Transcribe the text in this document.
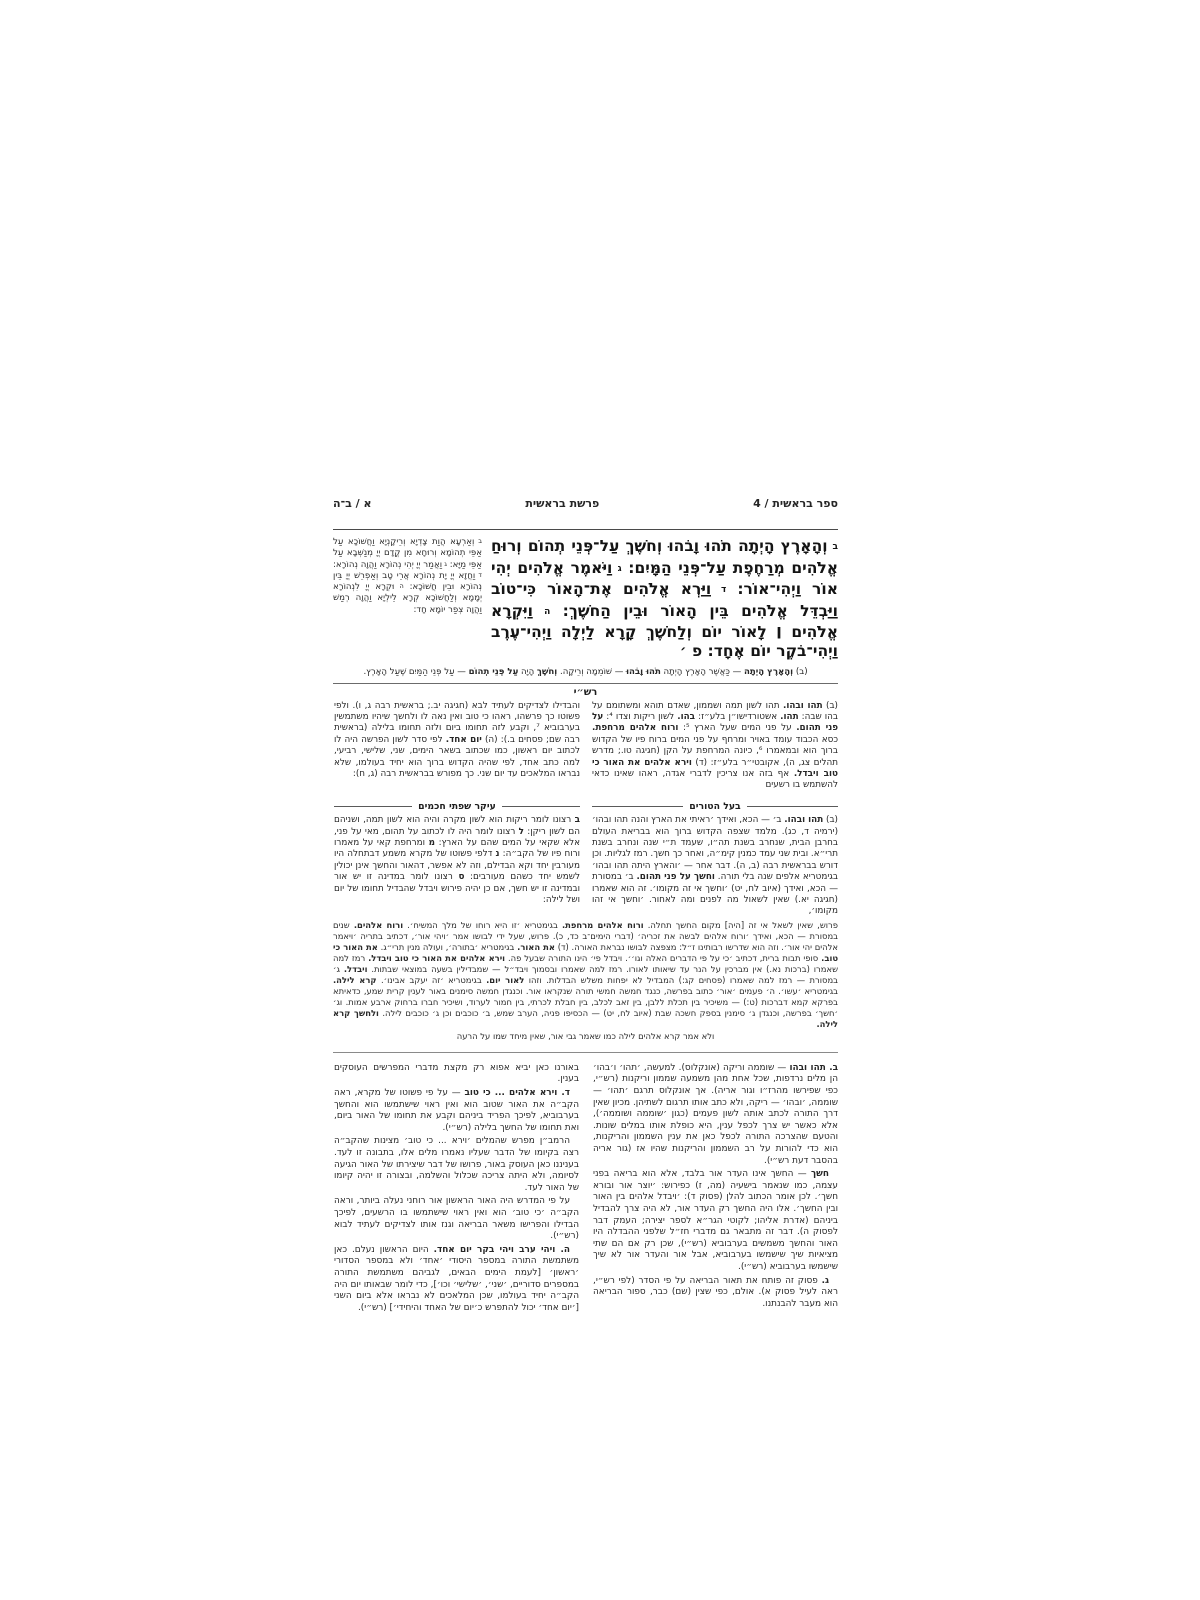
ספר בראשית / 4
פרשת בראשית
א / ב־ה
ב וְהָאָרֶץ הָיְתָה תֹהוּ וָבֹהוּ וְחֹשֶׁךְ עַל־פְּנֵי תְהוֹם וְרוּחַ אֱלֹהִים מְרַחֶפֶת עַל־פְּנֵי הַמָּיִם: ג וַיֹּאמֶר אֱלֹהִים יְהִי אוֹר וַיְהִי־אוֹר: ד וַיַּרְא אֱלֹהִים אֶת־הָאוֹר כִּי־טוֹב וַיַּבְדֵּל אֱלֹהִים בֵּין הָאוֹר וּבֵין הַחֹשֶׁךְ: ה וַיִּקְרָא אֱלֹהִים ׀ לָאוֹר יוֹם וְלַחֹשֶׁךְ קָרָא לַיְלָה וַיְהִי־עֶרֶב וַיְהִי־בֹקֶר יוֹם אֶחָד: פ ׳
ב וְאַרְעָא הֲוַת צָדְיָא וְרֵיקָנְיָא וַחֲשׁוֹכָא עַל אַפֵּי תְהוֹמָא וְרוּחָא מִן קֳדָם יְיָ מְנַשְּׁבָא עַל אַפֵּי מַיָּא: ג וַאֲמַר יְיָ יְהִי נְהוֹרָא וַהֲוָה נְהוֹרָא: ד וַחֲזָא יְיָ יָת נְהוֹרָא אֲרֵי טָב וְאַפְרֵשׁ יְיָ בֵּין נְהוֹרָא וּבֵין חֲשׁוֹכָא: ה וּקְרָא יְיָ לִנְהוֹרָא יְמָמָא וְלַחֲשׁוֹכָא קְרָא לֵילְיָא וַהֲוָה רְמַשׁ וַהֲוָה צְפַר יוֹמָא חָד:
(ב) וְהָאָרֶץ הָיְתָה — כַּאֲשֶׁר הָאָרֶץ הָיְתָה תֹהוּ וָבֹהוּ — שׁוֹמֵמָה וְרֵיקָה. וְחֹשֶׁךְ הָיָה עַל פְּנֵי תְהוֹם — עַל פְּנֵי הַמַּיִם שֶׁעַל הָאָרֶץ.
רש״י
(ב) תהו ובהו. תהו לשון תמה ושממון, שאדם תוהא ומשתומם על בהו שבה: תהו. אשטורדישו״ן בלע״ז: בהו. לשון ריקות וצדו ⁴: על פני תהום. על פני המים שעל הארץ ⁵: ורוח אלהים מרחפת. כסא הכבוד עומד באויר ומרחף על פני המים ברוח פיו של הקדוש ברוך הוא ובמאמרו ⁶, כיונה המרחפת על הקן (חגיגה טו.; מדרש תהלים צג, ה), אקובטי״ר בלע״ז: (ד) וירא אלהים את האור כי טוב ויבדל. אף בזה אנו צריכין לדברי אגדה, ראהו שאינו כדאי להשתמש בו רשעים
והבדילו לצדיקים לעתיד לבא (חגיגה יב.; בראשית רבה ג, ו). ולפי פשוטו כך פרשהו, ראהו כי טוב ואין נאה לו ולחשך שיהיו משתמשין בערבוביא ⁷, וקבע לזה תחומו ביום ולזה תחומו בלילה (בראשית רבה שם; פסחים ב.): (ה) יום אחד. לפי סדר לשון הפרשה היה לו לכתוב יום ראשון, כמו שכתוב בשאר הימים, שני, שלישי, רביעי, למה כתב אחד, לפי שהיה הקדוש ברוך הוא יחיד בעולמו, שלא נבראו המלאכים עד יום שני. כך מפורש בבראשית רבה (ג, ח):
בעל הטורים
(ב) תהו ובהו. ב׳ — הכא, ואידך ׳ראיתי את הארץ והנה תהו ובהו׳ (ירמיה ד, כג). מלמד שצפה הקדוש ברוך הוא בבריאת העולם בחרבן הבית, שנחרב בשנת תה״ו, שעמד ת״י שנה ונחרב בשנת תרי״א. ובית שני עמד כמנין קימ״ה, ואחר כך חשך. רמז לגליות. וכן דורש בבראשית רבה (ב, ה). דבר אחר — ׳והארץ היתה תהו ובהו׳ בגימטריא אלפים שנה בלי תורה. וחשך על פני תהום. ב׳ במסורת — הכא, ואידך (איוב לח, יט) ׳וחשך אי זה מקומו׳. זה הוא שאמרו (חגיגה יא.) שאין לשאול מה לפנים ומה לאחור. ׳וחשך אי זהו מקומו׳,
עיקר שפתי חכמים
ב רצונו לומר ריקות הוא לשון מקרה והיה הוא לשון תמה, ושניהם הם לשון ריקן: ל רצונו לומר היה לו לכתוב על תהום, מאי על פני, אלא שקאי על המים שהם על הארץ: מ ומרחפת קאי על מאמרו ורוח פיו של הקב״ה: נ דלפי פשוטו של מקרא משמע דבתחלה היו מעורבין יחד וקא הבדילם, וזה לא אפשר, דהאור והחשך אינן יכולין לשמש יחד כשהם מעורבים: ס רצונו לומר במדינה זו יש אור ובמדינה זו יש חשך, אם כן יהיה פירוש ויבדל שהבדיל תחומו של יום ושל לילה:
פרוש, שאין לשאל אי זה [היה] מקום החשך תחלה. ורוח אלהים מרחפת. בגימטריא ׳זו היא רוחו של מלך המשיח׳. ורוח אלהים. שנים במסורת — הכא, ואידך ׳ורוח אלהים לבשה את זכריה׳ (דברי הימים־ב כד, כ). פרוש, שעל ידי לבושו אמר ׳ויהי אור׳, דכתיב בתריה ׳ויאמר אלהים יהי אור׳. וזה הוא שדרשו רבותינו ז״ל: מצפצה לבושו נבראת האורה. (ד) את האור. בגימטריא ׳בתורה׳, ועולה מנין תרי״ג. את האור כי טוב. סופי תבות ברית, דכתיב ׳כי על פי הדברים האלה וגו׳׳. ויבדל פי׳ הינו התורה שבעל פה. וירא אלהים את האור כי טוב ויבדל. רמז למה שאמרו (ברכות נא.) אין מברכין על הנר עד שיאותו לאורו. רמז למה שאמרו ובסמוך ויבד״ל — שמבדילין בשעה במוצאי שבתות. ויבדל. ג׳ במסורת — רמז למה שאמרו (פסחים קג:) המבדיל לא יפחות משלש הבדלות. וזהו לאור יום. בגימטריא ׳זה יעקב אבינו׳. קרא לילה. בגימטריא ׳עשו׳. ה׳ פעמים ׳אור׳ כתוב בפרשה, כנגד חמשה חמשי תורה שנקראו אור. וכנגדן חמשה סימנים באור לענין קרית שמע, כדאיתא בפרקא קמא דברכות (ט:) — משיכיר בין תכלת ללבן, בין זאב לכלב, בין חבלת לכרתי, בין חמור לערוד, ושיכיר חברו ברחוק ארבע אמות. וג׳ ׳חשך׳ בפרשה, וכנגדן ג׳ סימנין בספק חשכה שבת (איוב לח, יט) — הכסיפו פניה, הערב שמש, ב׳ כוכבים וכן ג׳ כוכבים לילה. ולחשך קרא לילה.
ולא אמר קרא אלהים לילה כמו שאמר גבי אור, שאין מיחד שמו על הרעה

ב. תהו ובהו — שוממה וריקה (אונקלוס). למעשה, ׳תהו׳ ו׳בהו׳ הן מלים נרדפות, שכל אחת מהן משמעה שממון וריקנות (רש״י, כפי שפירשו מהרז״ו וגור אריה). אך אונקלוס תרגם ׳תהו׳ — שוממה, ׳ובהו׳ — ריקה, ולא כתב אותו תרגום לשתיהן. מכיון שאין דרך התורה לכתב אותה לשון פעמים (כגון ׳שוממה ושוממה׳), אלא כאשר יש צרך לכפל ענין, היא כופלת אותו במלים שונות. והטעם שהצרכה התורה לכפל כאן את ענין השממון והריקנות, הוא כדי להורות על רב השממון והריקנות שהיו אז (גור אריה בהסבר דעת רש״י).

חשך — החשך אינו העדר אור בלבד, אלא הוא בריאה בפני עצמה, כמו שנאמר בישעיה (מה, ז) כפירוש: ׳יוצר אור ובורא חשך׳. לכן אומר הכתוב להלן (פסוק ד): ׳ויבדל אלהים בין האור ובין החשך׳. אלו היה החשך רק העדר אור, לא היה צרך להבדיל ביניהם (אדרת אליהו; לקוטי הגר״א לספר יצירה; העמק דבר לפסוק ה). דבר זה מתבאר גם מדברי חז״ל שלפני ההבדלה היו האור והחשך משמשים בערבוביא (רש״י), שכן רק אם הם שתי מציאיות שיך שישמשו בערבוביא, אבל אור והעדר אור לא שיך שישמשו בערבוביא (רש״י).

ג. פסוק זה פותח את תאור הבריאה על פי הסדר (לפי רש״י, ראה לעיל פסוק א). אולם, כפי שצין (שם) כבר, ספור הבריאה הוא מעבר להבנתנו.

באורנו כאן יביא אפוא רק מקצת מדברי המפרשים העוסקים בענין.

ד. וירא אלהים ... כי טוב — על פי פשוטו של מקרא, ראה הקב״ה את האור שטוב הוא ואין ראוי שישתמשו הוא והחשך בערבוביא, לפיכך הפריד ביניהם וקבע את תחומו של האור ביום, ואת תחומו של החשך בלילה (רש״י).

הרמב״ן מפרש שהמלים ׳וירא ... כי טוב׳ מצינות שהקב״ה רצה בקיומו של הדבר שעליו נאמרו מלים אלו, בתבונה זו לעד. בעניננו כאן העוסק באור, פרושו של דבר שיצירתו של האור הגיעה לסיומה, ולא היתה צריכה שכלול והשלמה, ובצורה זו יהיה קיומו של האור לעד.

על פי המדרש היה האור הראשון אור רוחני נעלה ביותר, וראה הקב״ה ׳כי טוב׳ הוא ואין ראוי שישתמשו בו הרשעים, לפיכך הבדילו והפרישו משאר הבריאה וגנז אותו לצדיקים לעתיד לבוא (רש״י).

ה. ויהי ערב ויהי בקר יום אחד. היום הראשון נעלם. כאן משתמשת התורה במספר היסודי ׳אחד׳ ולא במספר הסדורי ׳ראשון׳ [לעמת הימים הבאים, לגביהם משתמשת התורה במספרים סדוריים, ׳שני׳, ׳שלישי׳ וכו׳], כדי לומר שבאותו יום היה הקב״ה יחיד בעולמו, שכן המלאכים לא נבראו אלא ביום השני [׳יום אחד׳ יכול להתפרש כ׳יום של האחד והיחידי׳] (רש״י).
